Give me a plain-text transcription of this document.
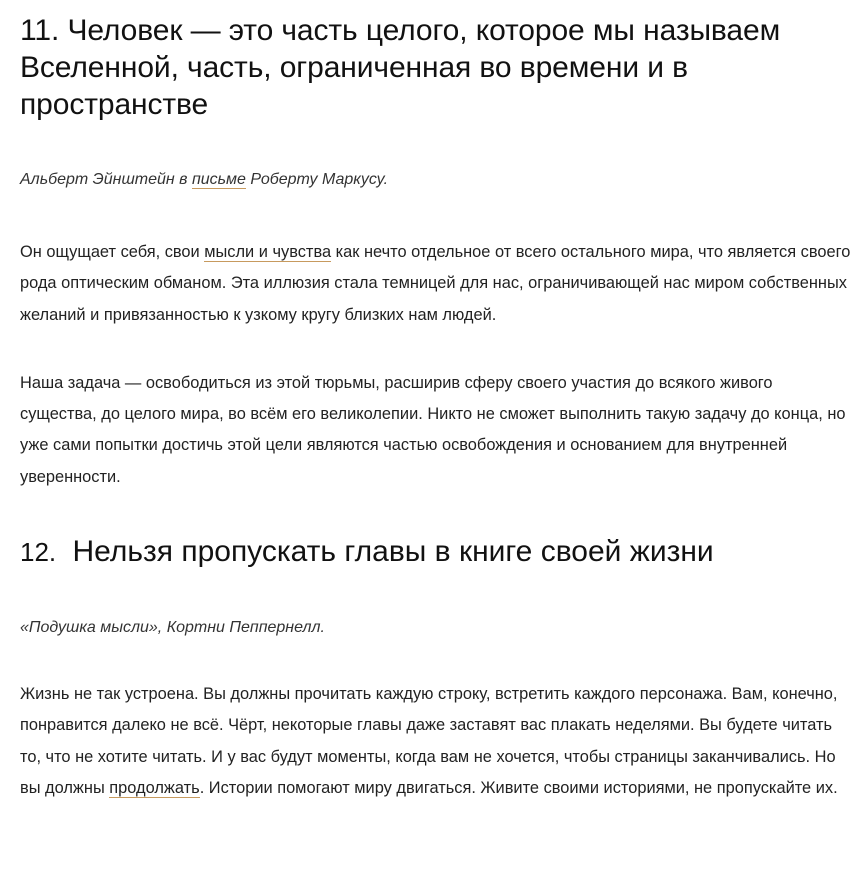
11. Человек — это часть целого, которое мы называем Вселенной, часть, ограниченная во времени и в пространстве
Альберт Эйнштейн в письме Роберту Маркусу.

Он ощущает себя, свои мысли и чувства как нечто отдельное от всего остального мира, что является своего рода оптическим обманом. Эта иллюзия стала темницей для нас, ограничивающей нас миром собственных желаний и привязанностью к узкому кругу близких нам людей.

Наша задача — освободиться из этой тюрьмы, расширив сферу своего участия до всякого живого существа, до целого мира, во всём его великолепии. Никто не сможет выполнить такую задачу до конца, но уже сами попытки достичь этой цели являются частью освобождения и основанием для внутренней уверенности.

12. Нельзя пропускать главы в книге своей жизни
«Подушка мысли», Кортни Пеппернелл.

Жизнь не так устроена. Вы должны прочитать каждую строку, встретить каждого персонажа. Вам, конечно, понравится далеко не всё. Чёрт, некоторые главы даже заставят вас плакать неделями. Вы будете читать то, что не хотите читать. И у вас будут моменты, когда вам не хочется, чтобы страницы заканчивались. Но вы должны продолжать. Истории помогают миру двигаться. Живите своими историями, не пропускайте их.
